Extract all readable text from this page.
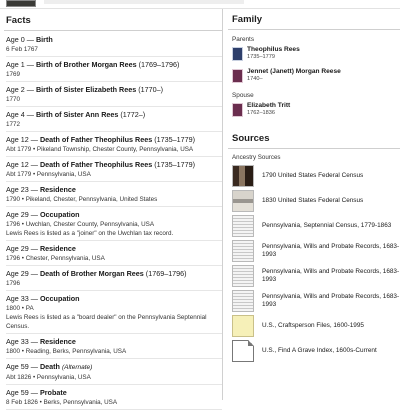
Facts
Age 0 — Birth
6 Feb 1767
Age 1 — Birth of Brother Morgan Rees (1769–1796)
1769
Age 2 — Birth of Sister Elizabeth Rees (1770–)
1770
Age 4 — Birth of Sister Ann Rees (1772–)
1772
Age 12 — Death of Father Theophilus Rees (1735–1779)
Abt 1779 • Pikeland Township, Chester County, Pennsylvania, USA
Age 12 — Death of Father Theophilus Rees (1735–1779)
Abt 1779 • Pennsylvania, USA
Age 23 — Residence
1790 • Pikeland, Chester, Pennsylvania, United States
Age 29 — Occupation
1796 • Uwchlan, Chester County, Pennsylvania, USA
Lewis Rees is listed as a "joiner" on the Uwchlan tax record.
Age 29 — Residence
1796 • Chester, Pennsylvania, USA
Age 29 — Death of Brother Morgan Rees (1769–1796)
1796
Age 33 — Occupation
1800 • PA
Lewis Rees is listed as a "board dealer" on the Pennsylvania Septennial Census.
Age 33 — Residence
1800 • Reading, Berks, Pennsylvania, USA
Age 59 — Death (Alternate)
Abt 1826 • Pennsylvania, USA
Age 59 — Probate
8 Feb 1826 • Berks, Pennsylvania, USA
Family
Parents
Theophilus Rees
1735–1779
Jennet (Janett) Morgan Reese
1740–
Spouse
Elizabeth Tritt
1762–1836
Sources
Ancestry Sources
1790 United States Federal Census
1830 United States Federal Census
Pennsylvania, Septennial Census, 1779-1863
Pennsylvania, Wills and Probate Records, 1683-1993
Pennsylvania, Wills and Probate Records, 1683-1993
Pennsylvania, Wills and Probate Records, 1683-1993
U.S., Craftsperson Files, 1600-1995
U.S., Find A Grave Index, 1600s-Current
